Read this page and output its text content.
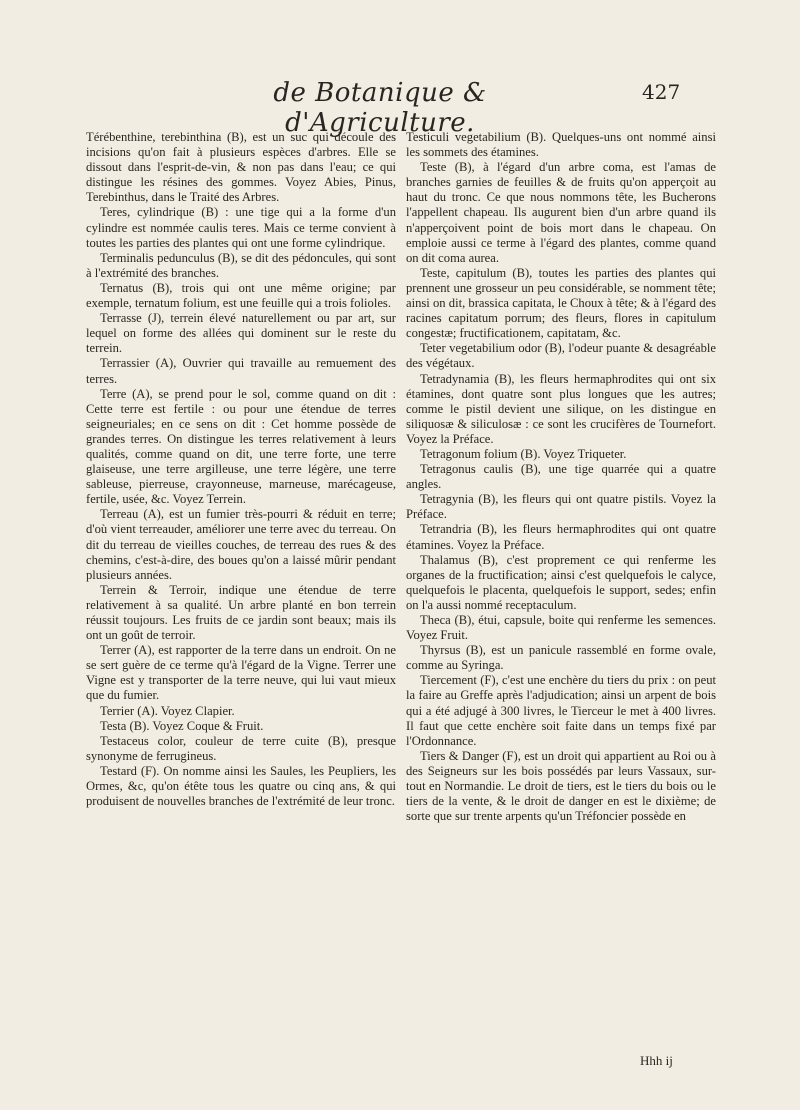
de Botanique & d'Agriculture.
427

Térébenthine, terebinthina (B), est un suc qui découle des incisions qu'on fait à plusieurs espèces d'arbres. Elle se dissout dans l'esprit-de-vin, & non pas dans l'eau; ce qui distingue les résines des gommes. Voyez Abies, Pinus, Terebinthus, dans le Traité des Arbres.

Teres, cylindrique (B) : une tige qui a la forme d'un cylindre est nommée caulis teres. Mais ce terme convient à toutes les parties des plantes qui ont une forme cylindrique.

Terminalis pedunculus (B), se dit des pédoncules, qui sont à l'extrémité des branches.

Ternatus (B), trois qui ont une même origine; par exemple, ternatum folium, est une feuille qui a trois folioles.

Terrasse (J), terrein élevé naturellement ou par art, sur lequel on forme des allées qui dominent sur le reste du terrein.

Terrassier (A), Ouvrier qui travaille au remuement des terres.

Terre (A), se prend pour le sol, comme quand on dit : Cette terre est fertile : ou pour une étendue de terres seigneuriales; en ce sens on dit : Cet homme possède de grandes terres. On distingue les terres relativement à leurs qualités, comme quand on dit, une terre forte, une terre glaiseuse, une terre argilleuse, une terre légère, une terre sableuse, pierreuse, crayonneuse, marneuse, marécageuse, fertile, usée, &c. Voyez Terrein.

Terreau (A), est un fumier très-pourri & réduit en terre; d'où vient terreauder, améliorer une terre avec du terreau. On dit du terreau de vieilles couches, de terreau des rues & des chemins, c'est-à-dire, des boues qu'on a laissé mûrir pendant plusieurs années.

Terrein & Terroir, indique une étendue de terre relativement à sa qualité. Un arbre planté en bon terrein réussit toujours. Les fruits de ce jardin sont beaux; mais ils ont un goût de terroir.

Terrer (A), est rapporter de la terre dans un endroit. On ne se sert guère de ce terme qu'à l'égard de la Vigne. Terrer une Vigne est y transporter de la terre neuve, qui lui vaut mieux que du fumier.

Terrier (A). Voyez Clapier.

Testa (B). Voyez Coque & Fruit.

Testaceus color, couleur de terre cuite (B), presque synonyme de ferrugineus.

Testard (F). On nomme ainsi les Saules, les Peupliers, les Ormes, &c, qu'on étête tous les quatre ou cinq ans, & qui produisent de nouvelles branches de l'extrémité de leur tronc.

Testiculi vegetabilium (B). Quelques-uns ont nommé ainsi les sommets des étamines.

Teste (B), à l'égard d'un arbre coma, est l'amas de branches garnies de feuilles & de fruits qu'on apperçoit au haut du tronc. Ce que nous nommons tête, les Bucherons l'appellent chapeau. Ils augurent bien d'un arbre quand ils n'apperçoivent point de bois mort dans le chapeau. On emploie aussi ce terme à l'égard des plantes, comme quand on dit coma aurea.

Teste, capitulum (B), toutes les parties des plantes qui prennent une grosseur un peu considérable, se nomment tête; ainsi on dit, brassica capitata, le Choux à tête; & à l'égard des racines capitatum porrum; des fleurs, flores in capitulum congestæ; fructificationem, capitatam, &c.

Teter vegetabilium odor (B), l'odeur puante & desagréable des végétaux.

Tetradynamia (B), les fleurs hermaphrodites qui ont six étamines, dont quatre sont plus longues que les autres; comme le pistil devient une silique, on les distingue en siliquosæ & siliculosæ : ce sont les crucifères de Tournefort. Voyez la Préface.

Tetragonum folium (B). Voyez Triqueter.

Tetragonus caulis (B), une tige quarrée qui a quatre angles.

Tetragynia (B), les fleurs qui ont quatre pistils. Voyez la Préface.

Tetrandria (B), les fleurs hermaphrodites qui ont quatre étamines. Voyez la Préface.

Thalamus (B), c'est proprement ce qui renferme les organes de la fructification; ainsi c'est quelquefois le calyce, quelquefois le placenta, quelquefois le support, sedes; enfin on l'a aussi nommé receptaculum.

Theca (B), étui, capsule, boite qui renferme les semences. Voyez Fruit.

Thyrsus (B), est un panicule rassemblé en forme ovale, comme au Syringa.

Tiercement (F), c'est une enchère du tiers du prix : on peut la faire au Greffe après l'adjudication; ainsi un arpent de bois qui a été adjugé à 300 livres, le Tierceur le met à 400 livres. Il faut que cette enchère soit faite dans un temps fixé par l'Ordonnance.

Tiers & Danger (F), est un droit qui appartient au Roi ou à des Seigneurs sur les bois possédés par leurs Vassaux, sur-tout en Normandie. Le droit de tiers, est le tiers du bois ou le tiers de la vente, & le droit de danger en est le dixième; de sorte que sur trente arpents qu'un Tréfoncier possède en

Hhh ij
